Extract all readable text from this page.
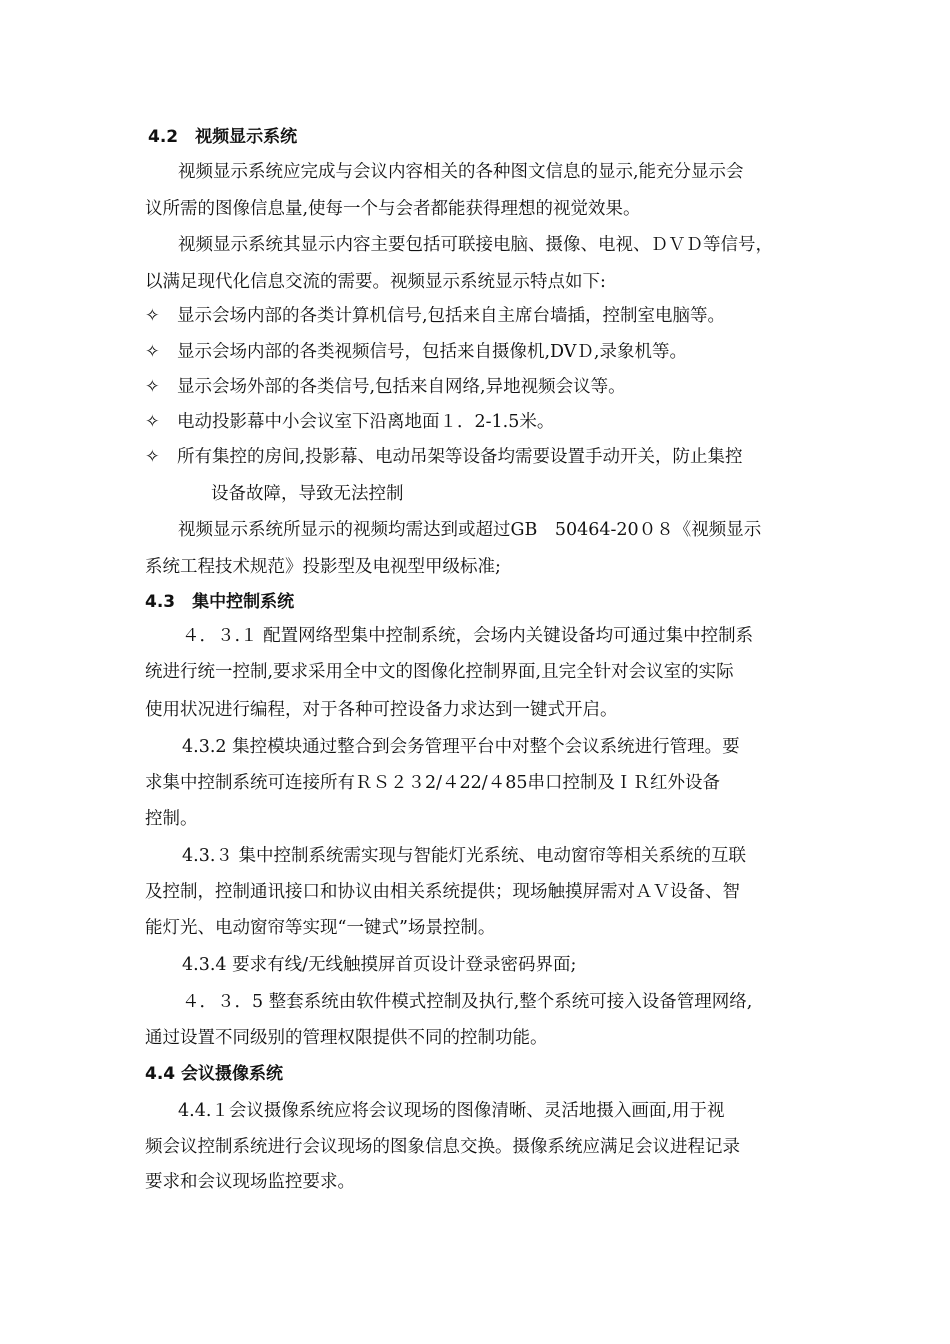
4.2　视频显示系统
视频显示系统应完成与会议内容相关的各种图文信息的显示,能充分显示会
议所需的图像信息量,使每一个与会者都能获得理想的视觉效果。
视频显示系统其显示内容主要包括可联接电脑、摄像、电视、ＤＶＤ等信号，
以满足现代化信息交流的需要。视频显示系统显示特点如下:
✧ 显示会场内部的各类计算机信号,包括来自主席台墙插，控制室电脑等。
✧ 显示会场内部的各类视频信号，包括来自摄像机,DVＤ,录象机等。
✧ 显示会场外部的各类信号,包括来自网络,异地视频会议等。
✧ 电动投影幕中小会议室下沿离地面１．2-1.5米。
✧ 所有集控的房间,投影幕、电动吊架等设备均需要设置手动开关，防止集控
设备故障，导致无法控制
视频显示系统所显示的视频均需达到或超过GB　50464-20０８《视频显示
系统工程技术规范》投影型及电视型甲级标准;
4.3　集中控制系统
４．３.１ 配置网络型集中控制系统，会场内关键设备均可通过集中控制系
统进行统一控制,要求采用全中文的图像化控制界面,且完全针对会议室的实际
使用状况进行编程，对于各种可控设备力求达到一键式开启。
4.3.2 集控模块通过整合到会务管理平台中对整个会议系统进行管理。要
求集中控制系统可连接所有ＲＳ２３2/４22/４85串口控制及ＩＲ红外设备
控制。
4.3.３ 集中控制系统需实现与智能灯光系统、电动窗帘等相关系统的互联
及控制，控制通讯接口和协议由相关系统提供；现场触摸屏需对ＡＶ设备、智
能灯光、电动窗帘等实现“一键式”场景控制。
4.3.4 要求有线/无线触摸屏首页设计登录密码界面;
４．３．5 整套系统由软件模式控制及执行,整个系统可接入设备管理网络,
通过设置不同级别的管理权限提供不同的控制功能。
4.4 会议摄像系统
4.4.１会议摄像系统应将会议现场的图像清晰、灵活地摄入画面,用于视
频会议控制系统进行会议现场的图象信息交换。摄像系统应满足会议进程记录
要求和会议现场监控要求。
